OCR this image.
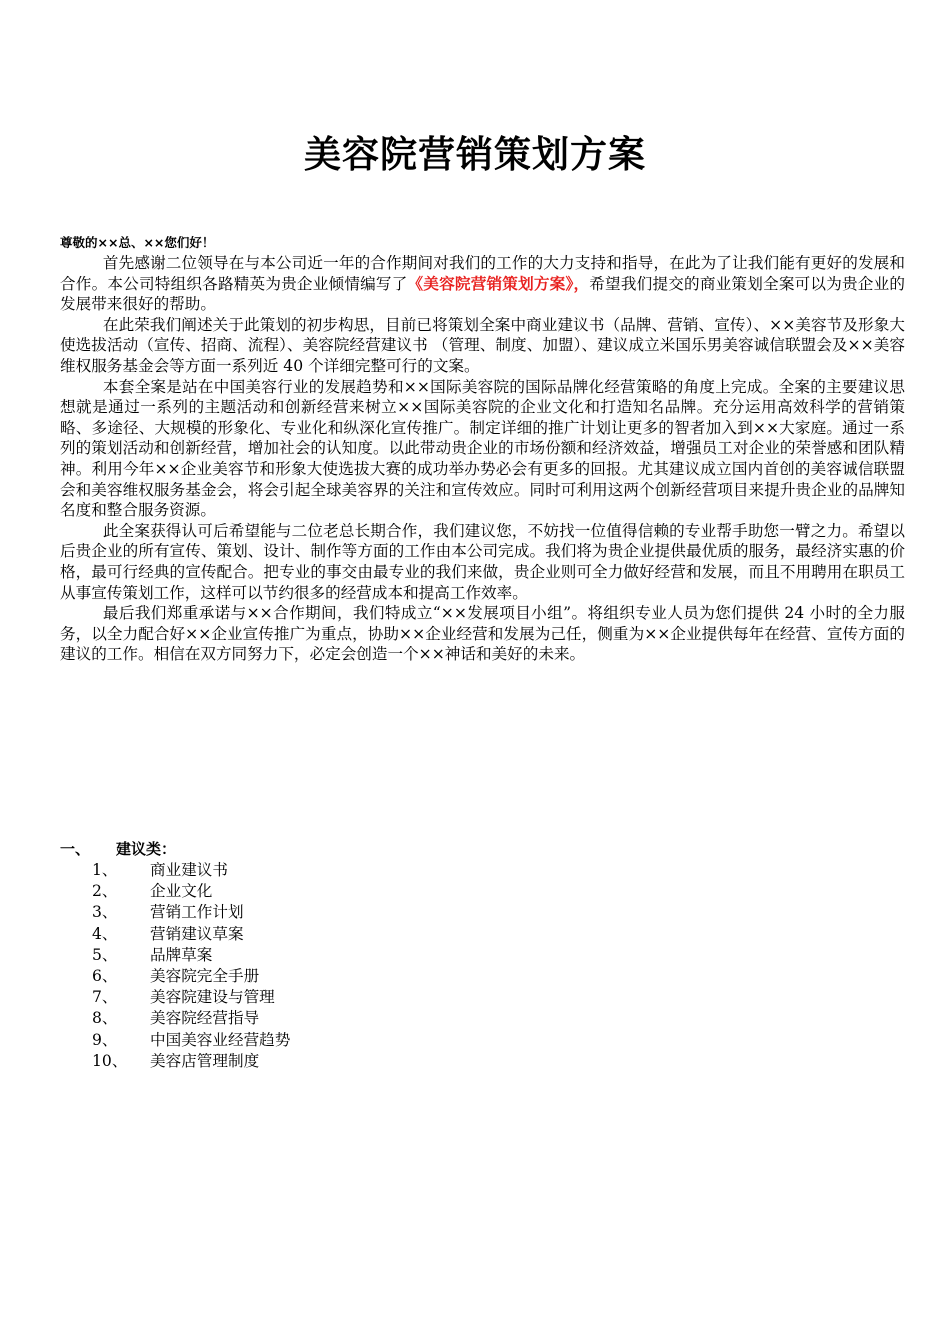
美容院营销策划方案
尊敬的××总、××您们好！

首先感谢二位领导在与本公司近一年的合作期间对我们的工作的大力支持和指导，在此为了让我们能有更好的发展和合作。本公司特组织各路精英为贵企业倾情编写了《美容院营销策划方案》，希望我们提交的商业策划全案可以为贵企业的发展带来很好的帮助。

在此荣我们阐述关于此策划的初步构思，目前已将策划全案中商业建议书（品牌、营销、宣传）、××美容节及形象大使选拔活动（宣传、招商、流程）、美容院经营建议书 （管理、制度、加盟）、建议成立米国乐男美容诚信联盟会及××美容维权服务基金会等方面一系列近 40 个详细完整可行的文案。

本套全案是站在中国美容行业的发展趋势和××国际美容院的国际品牌化经营策略的角度上完成。全案的主要建议思想就是通过一系列的主题活动和创新经营来树立××国际美容院的企业文化和打造知名品牌。充分运用高效科学的营销策略、多途径、大规模的形象化、专业化和纵深化宣传推广。制定详细的推广计划让更多的智者加入到××大家庭。通过一系列的策划活动和创新经营，增加社会的认知度。以此带动贵企业的市场份额和经济效益，增强员工对企业的荣誉感和团队精神。利用今年××企业美容节和形象大使选拔大赛的成功举办势必会有更多的回报。尤其建议成立国内首创的美容诚信联盟会和美容维权服务基金会，将会引起全球美容界的关注和宣传效应。同时可利用这两个创新经营项目来提升贵企业的品牌知名度和整合服务资源。

此全案获得认可后希望能与二位老总长期合作，我们建议您，不妨找一位值得信赖的专业帮手助您一臂之力。希望以后贵企业的所有宣传、策划、设计、制作等方面的工作由本公司完成。我们将为贵企业提供最优质的服务，最经济实惠的价格，最可行经典的宣传配合。把专业的事交由最专业的我们来做，贵企业则可全力做好经营和发展，而且不用聘用在职员工从事宣传策划工作，这样可以节约很多的经营成本和提高工作效率。

最后我们郑重承诺与××合作期间，我们特成立“××发展项目小组”。将组织专业人员为您们提供 24 小时的全力服务，以全力配合好××企业宣传推广为重点，协助××企业经营和发展为己任，侧重为××企业提供每年在经营、宣传方面的建议的工作。相信在双方同努力下，必定会创造一个××神话和美好的未来。

一、 建议类：
1、 商业建议书
2、 企业文化
3、 营销工作计划
4、 营销建议草案
5、 品牌草案
6、 美容院完全手册
7、 美容院建设与管理
8、 美容院经营指导
9、 中国美容业经营趋势
10、 美容店管理制度
